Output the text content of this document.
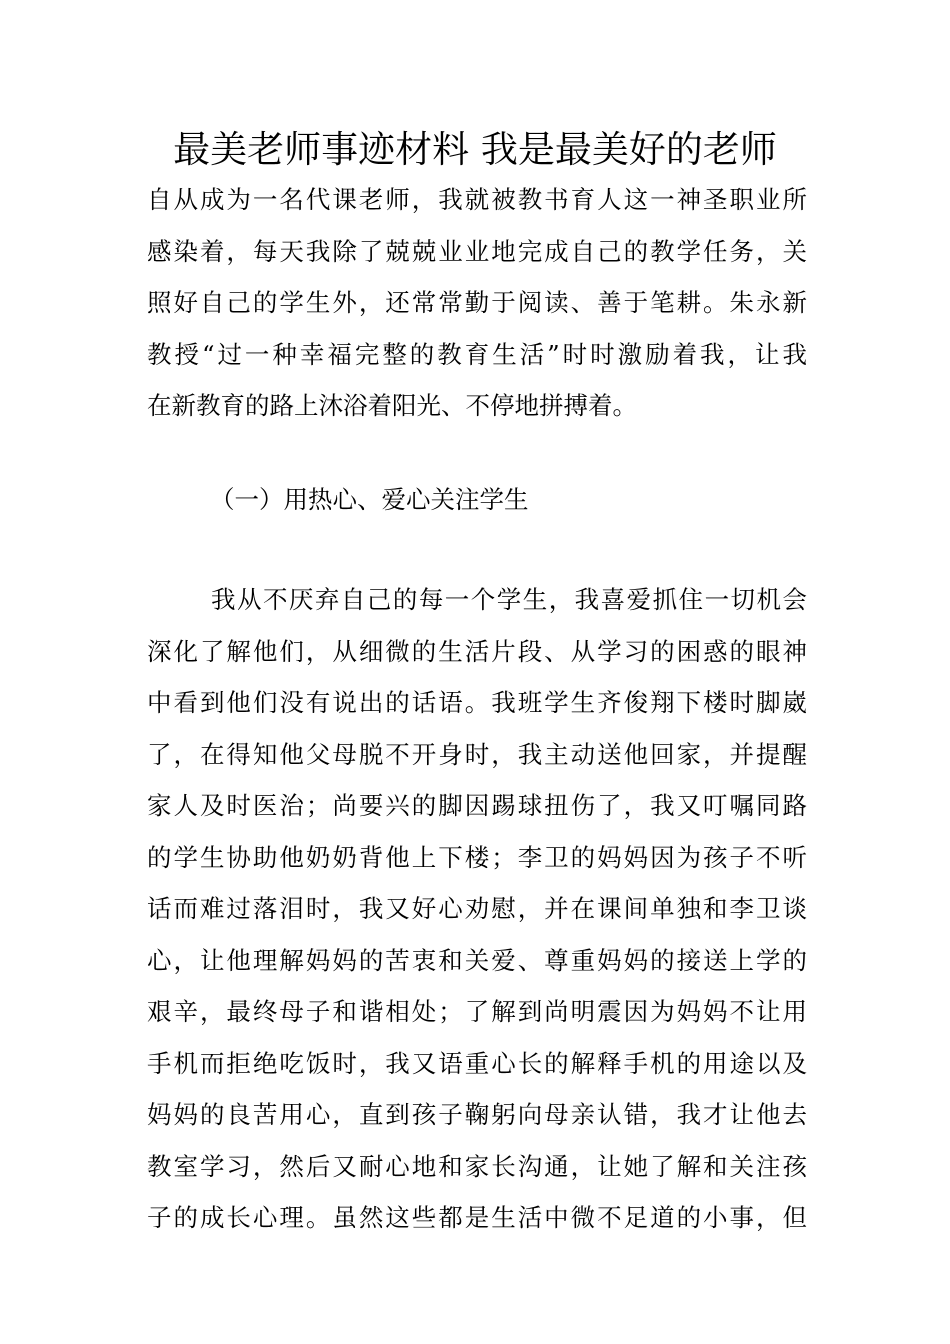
最美老师事迹材料 我是最美好的老师
自从成为一名代课老师，我就被教书育人这一神圣职业所
感染着，每天我除了兢兢业业地完成自己的教学任务，关
照好自己的学生外，还常常勤于阅读、善于笔耕。朱永新
教授“过一种幸福完整的教育生活”时时激励着我，让我
在新教育的路上沐浴着阳光、不停地拼搏着。

（一）用热心、爱心关注学生

我从不厌弃自己的每一个学生，我喜爱抓住一切机会
深化了解他们，从细微的生活片段、从学习的困惑的眼神
中看到他们没有说出的话语。我班学生齐俊翔下楼时脚崴
了，在得知他父母脱不开身时，我主动送他回家，并提醒
家人及时医治；尚要兴的脚因踢球扭伤了，我又叮嘱同路
的学生协助他奶奶背他上下楼；李卫的妈妈因为孩子不听
话而难过落泪时，我又好心劝慰，并在课间单独和李卫谈
心，让他理解妈妈的苦衷和关爱、尊重妈妈的接送上学的
艰辛，最终母子和谐相处；了解到尚明震因为妈妈不让用
手机而拒绝吃饭时，我又语重心长的解释手机的用途以及
妈妈的良苦用心，直到孩子鞠躬向母亲认错，我才让他去
教室学习，然后又耐心地和家长沟通，让她了解和关注孩
子的成长心理。虽然这些都是生活中微不足道的小事，但
